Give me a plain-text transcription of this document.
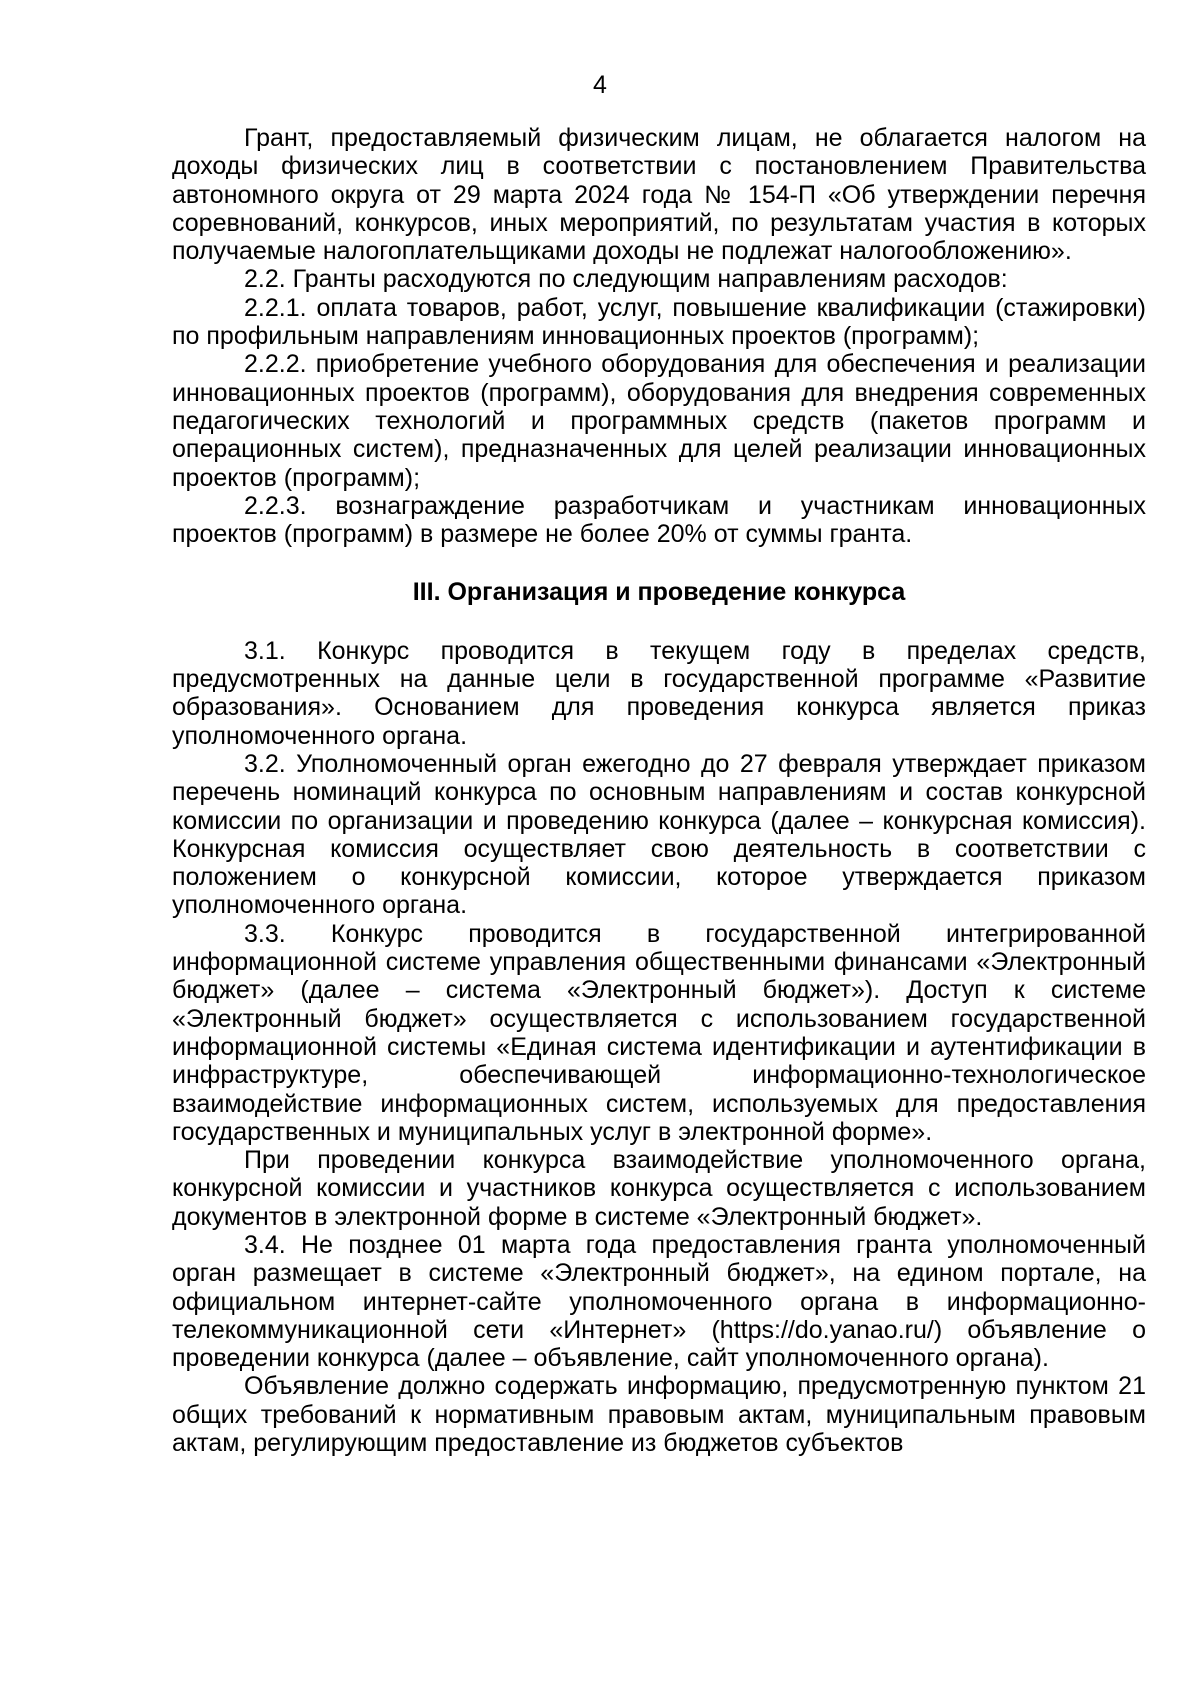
4

Грант, предоставляемый физическим лицам, не облагается налогом на доходы физических лиц в соответствии с постановлением Правительства автономного округа от 29 марта 2024 года № 154-П «Об утверждении перечня соревнований, конкурсов, иных мероприятий, по результатам участия в которых получаемые налогоплательщиками доходы не подлежат налогообложению».

2.2. Гранты расходуются по следующим направлениям расходов:

2.2.1. оплата товаров, работ, услуг, повышение квалификации (стажировки) по профильным направлениям инновационных проектов (программ);

2.2.2. приобретение учебного оборудования для обеспечения и реализации инновационных проектов (программ), оборудования для внедрения современных педагогических технологий и программных средств (пакетов программ и операционных систем), предназначенных для целей реализации инновационных проектов (программ);

2.2.3. вознаграждение разработчикам и участникам инновационных проектов (программ) в размере не более 20% от суммы гранта.

III. Организация и проведение конкурса

3.1. Конкурс проводится в текущем году в пределах средств, предусмотренных на данные цели в государственной программе «Развитие образования». Основанием для проведения конкурса является приказ уполномоченного органа.

3.2. Уполномоченный орган ежегодно до 27 февраля утверждает приказом перечень номинаций конкурса по основным направлениям и состав конкурсной комиссии по организации и проведению конкурса (далее – конкурсная комиссия). Конкурсная комиссия осуществляет свою деятельность в соответствии с положением о конкурсной комиссии, которое утверждается приказом уполномоченного органа.

3.3. Конкурс проводится в государственной интегрированной информационной системе управления общественными финансами «Электронный бюджет» (далее – система «Электронный бюджет»). Доступ к системе «Электронный бюджет» осуществляется с использованием государственной информационной системы «Единая система идентификации и аутентификации в инфраструктуре, обеспечивающей информационно-технологическое взаимодействие информационных систем, используемых для предоставления государственных и муниципальных услуг в электронной форме».

При проведении конкурса взаимодействие уполномоченного органа, конкурсной комиссии и участников конкурса осуществляется с использованием документов в электронной форме в системе «Электронный бюджет».

3.4. Не позднее 01 марта года предоставления гранта уполномоченный орган размещает в системе «Электронный бюджет», на едином портале, на официальном интернет-сайте уполномоченного органа в информационно-телекоммуникационной сети «Интернет» (https://do.yanao.ru/) объявление о проведении конкурса (далее – объявление, сайт уполномоченного органа).

Объявление должно содержать информацию, предусмотренную пунктом 21 общих требований к нормативным правовым актам, муниципальным правовым актам, регулирующим предоставление из бюджетов субъектов
